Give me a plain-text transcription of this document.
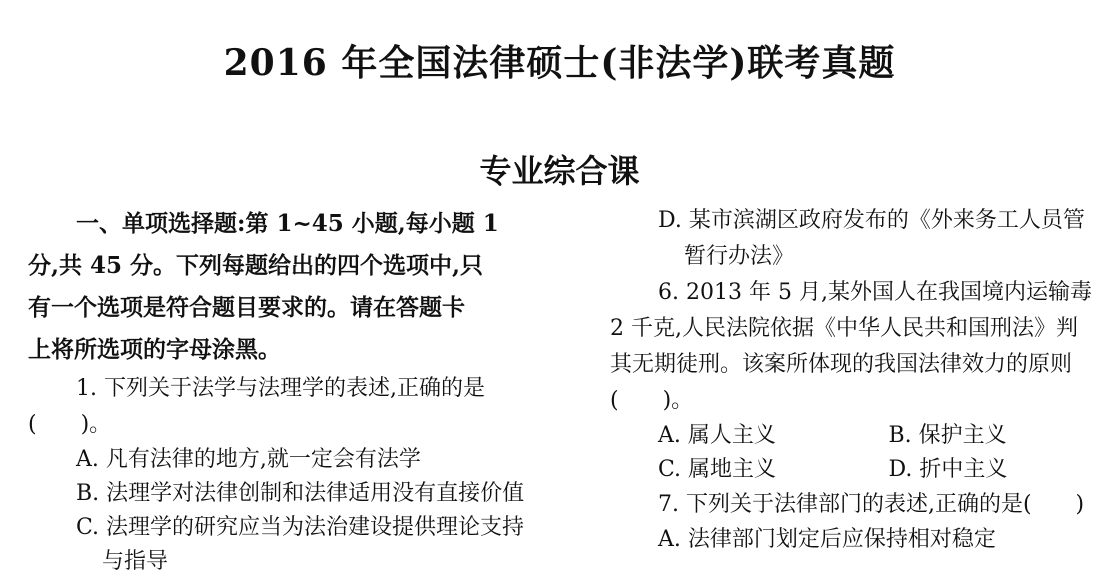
2016 年全国法律硕士(非法学)联考真题
专业综合课
一、单项选择题:第 1~45 小题,每小题 1
分,共 45 分。下列每题给出的四个选项中,只
有一个选项是符合题目要求的。请在答题卡
上将所选项的字母涂黑。
1. 下列关于法学与法理学的表述,正确的是
(　　)。
A. 凡有法律的地方,就一定会有法学
B. 法理学对法律创制和法律适用没有直接价值
C. 法理学的研究应当为法治建设提供理论支持
与指导
D. 某市滨湖区政府发布的《外来务工人员管
暂行办法》
6. 2013 年 5 月,某外国人在我国境内运输毒
2 千克,人民法院依据《中华人民共和国刑法》判
其无期徒刑。该案所体现的我国法律效力的原则
(　　)。
A. 属人主义	B. 保护主义
C. 属地主义	D. 折中主义
7. 下列关于法律部门的表述,正确的是(　　)
A. 法律部门划定后应保持相对稳定
